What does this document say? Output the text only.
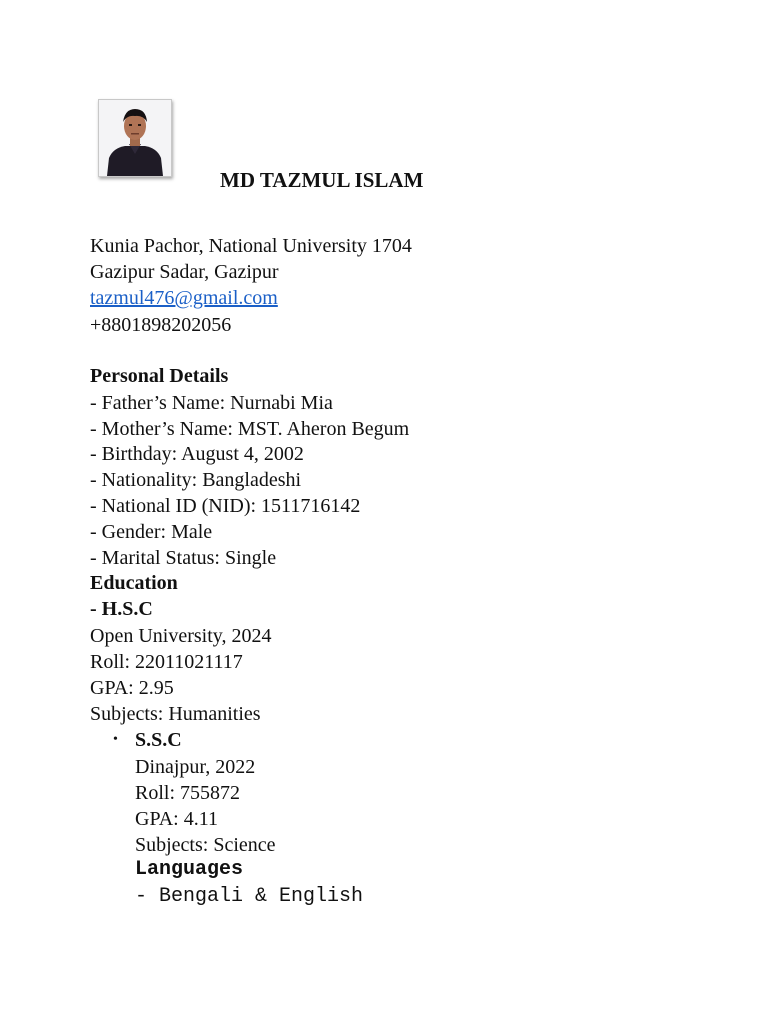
MD TAZMUL ISLAM
Kunia Pachor, National University 1704
Gazipur Sadar, Gazipur
tazmul476@gmail.com
+8801898202056
Personal Details
- Father’s Name: Nurnabi Mia
- Mother’s Name: MST. Aheron Begum
- Birthday: August 4, 2002
- Nationality: Bangladeshi
- National ID (NID): 1511716142
- Gender: Male
- Marital Status: Single
Education
- H.S.C
Open University, 2024
Roll: 22011021117
GPA: 2.95
Subjects: Humanities
• S.S.C
Dinajpur, 2022
Roll: 755872
GPA: 4.11
Subjects: Science
Languages
- Bengali & English
